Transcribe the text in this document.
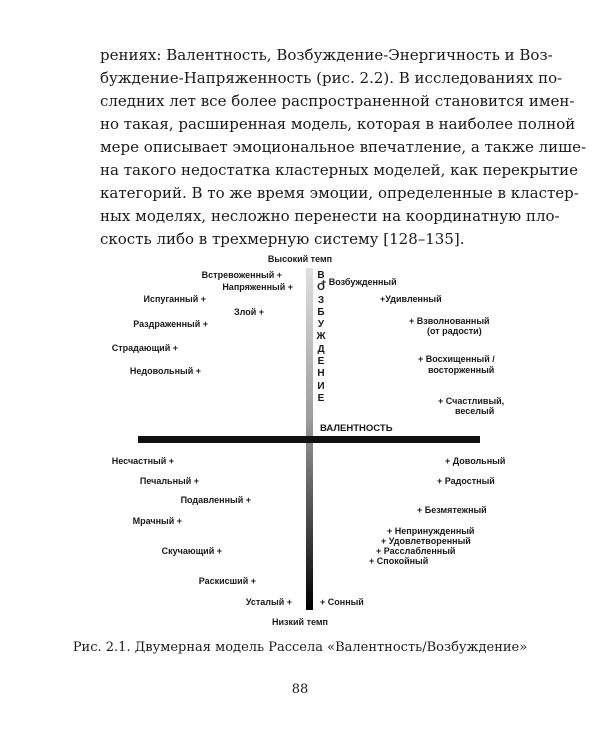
рениях: Валентность, Возбуждение-Энергичность и Воз-
буждение-Напряженность (рис. 2.2). В исследованиях по-
следних лет все более распространенной становится имен-
но такая, расширенная модель, которая в наиболее полной
мере описывает эмоциональное впечатление, а также лише-
на такого недостатка кластерных моделей, как перекрытие
категорий. В то же время эмоции, определенные в кластер-
ных моделях, несложно перенести на координатную пло-
скость либо в трехмерную систему [128–135].
Высокий темп
Низкий темп
В
О
З
Б
У
Ж
Д
Е
Н
И
Е
ВАЛЕНТНОСТЬ
Встревоженный +
Напряженный +
Испуганный +
Злой +
Раздраженный +
Страдающий +
Недовольный +
+ Возбужденный
+Удивленный
+ Взволнованный
(от радости)
+ Восхищенный /
восторженный
+ Счастливый,
веселый
Несчастный +
Печальный +
Подавленный +
Мрачный +
Скучающий +
Раскисший +
Усталый +
+ Довольный
+ Радостный
+ Безмятежный
+ Непринужденный
+ Удовлетворенный
+ Расслабленный
+ Спокойный
+ Сонный
Рис. 2.1. Двумерная модель Рассела «Валентность/Возбуждение»
88
